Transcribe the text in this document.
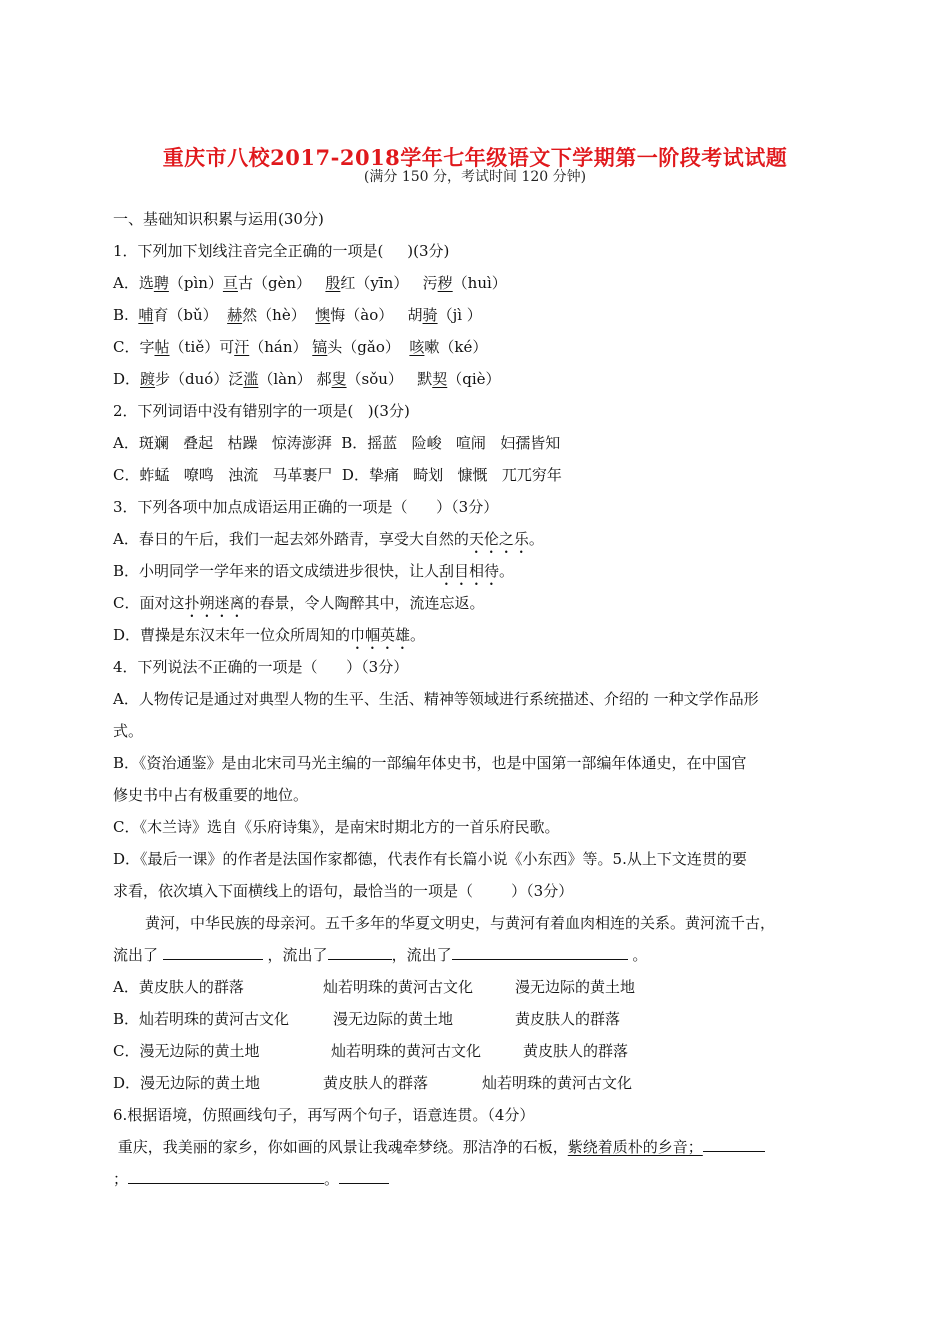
重庆市八校2017-2018学年七年级语文下学期第一阶段考试试题
(满分 150 分，考试时间 120 分钟)
一、基础知识积累与运用(30分)
1．下列加下划线注音完全正确的一项是(     )(3分)
A．选聘（pìn）亘古（gèn）   殷红（yīn）   污秽（huì）
B.  哺育（bǔ）  赫然（hè）  懊悔（ào）   胡骑（jì ）
C．字帖（tiě）可汗（hán） 镐头（gǎo）  咳嗽（ké）
D．踱步（duó）泛滥（làn） 郝叟（sǒu）   默契（qiè）
2．下列词语中没有错别字的一项是(   )(3分)
A．斑斓   叠起   枯躁   惊涛澎湃  B．摇蓝   险峻   喧闹   妇孺皆知
C．蚱蜢   嘹鸣   浊流   马革裹尸  D．挚痛   畸划   慷慨   兀兀穷年
3．下列各项中加点成语运用正确的一项是（      ）（3分）
A．春日的午后，我们一起去郊外踏青，享受大自然的天伦之乐。
B．小明同学一学年来的语文成绩进步很快，让人刮目相待。
C．面对这扑朔迷离的春景，令人陶醉其中，流连忘返。
D．曹操是东汉末年一位众所周知的巾帼英雄。
4．下列说法不正确的一项是（      ）（3分）
A．人物传记是通过对典型人物的生平、生活、精神等领域进行系统描述、介绍的 一种文学作品形
式。
B．《资治通鉴》是由北宋司马光主编的一部编年体史书，也是中国第一部编年体通史，在中国官
修史书中占有极重要的地位。
C．《木兰诗》选自《乐府诗集》，是南宋时期北方的一首乐府民歌。
D．《最后一课》的作者是法国作家都德，代表作有长篇小说《小东西》等。5.从上下文连贯的要
求看，依次填入下面横线上的语句，最恰当的一项是（        ）（3分）
黄河，中华民族的母亲河。五千多年的华夏文明史，与黄河有着血肉相连的关系。黄河流千古，
流出了	，流出了	，流出了	。
A．黄皮肤人的群落	灿若明珠的黄河古文化	漫无边际的黄土地
B．灿若明珠的黄河古文化	漫无边际的黄土地	黄皮肤人的群落
C．漫无边际的黄土地	灿若明珠的黄河古文化	黄皮肤人的群落
D．漫无边际的黄土地	黄皮肤人的群落	灿若明珠的黄河古文化
6.根据语境，仿照画线句子，再写两个句子，语意连贯。（4分）
重庆，我美丽的家乡，你如画的风景让我魂牵梦绕。那洁净的石板，紫绕着质朴的乡音；
；	。
